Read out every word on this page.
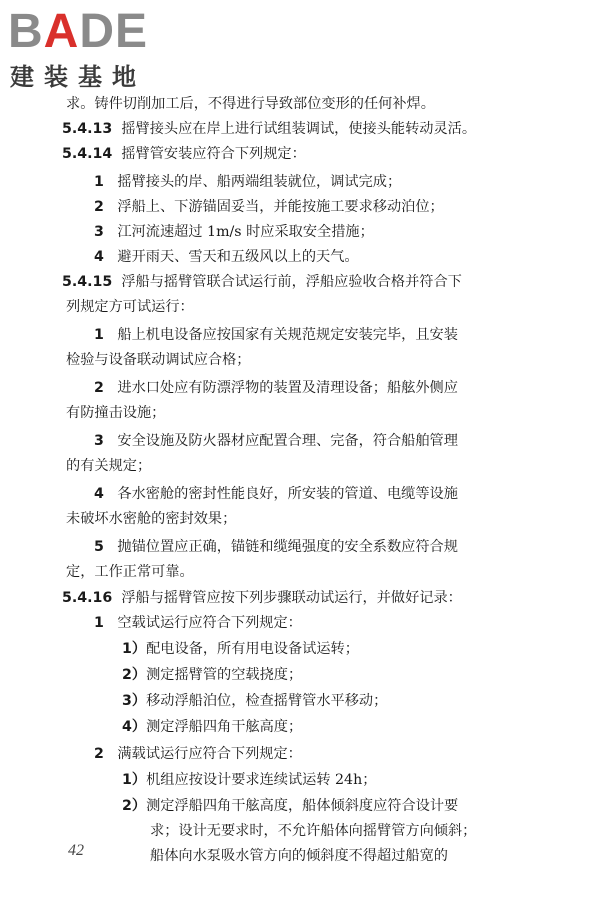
BADE
建装基地
求。铸件切削加工后，不得进行导致部位变形的任何补焊。
5.4.13 摇臂接头应在岸上进行试组装调试，使接头能转动灵活。
5.4.14 摇臂管安装应符合下列规定：
1 摇臂接头的岸、船两端组装就位，调试完成；
2 浮船上、下游锚固妥当，并能按施工要求移动泊位；
3 江河流速超过 1m/s 时应采取安全措施；
4 避开雨天、雪天和五级风以上的天气。
5.4.15 浮船与摇臂管联合试运行前，浮船应验收合格并符合下
列规定方可试运行：
1 船上机电设备应按国家有关规范规定安装完毕，且安装
检验与设备联动调试应合格；
2 进水口处应有防漂浮物的装置及清理设备；船舷外侧应
有防撞击设施；
3 安全设施及防火器材应配置合理、完备，符合船舶管理
的有关规定；
4 各水密舱的密封性能良好，所安装的管道、电缆等设施
未破坏水密舱的密封效果；
5 抛锚位置应正确，锚链和缆绳强度的安全系数应符合规
定，工作正常可靠。
5.4.16 浮船与摇臂管应按下列步骤联动试运行，并做好记录：
1 空载试运行应符合下列规定：
1）配电设备，所有用电设备试运转；
2）测定摇臂管的空载挠度；
3）移动浮船泊位，检查摇臂管水平移动；
4）测定浮船四角干舷高度；
2 满载试运行应符合下列规定：
1）机组应按设计要求连续试运转 24h；
2）测定浮船四角干舷高度，船体倾斜度应符合设计要
求；设计无要求时，不允许船体向摇臂管方向倾斜；
船体向水泵吸水管方向的倾斜度不得超过船宽的
42
